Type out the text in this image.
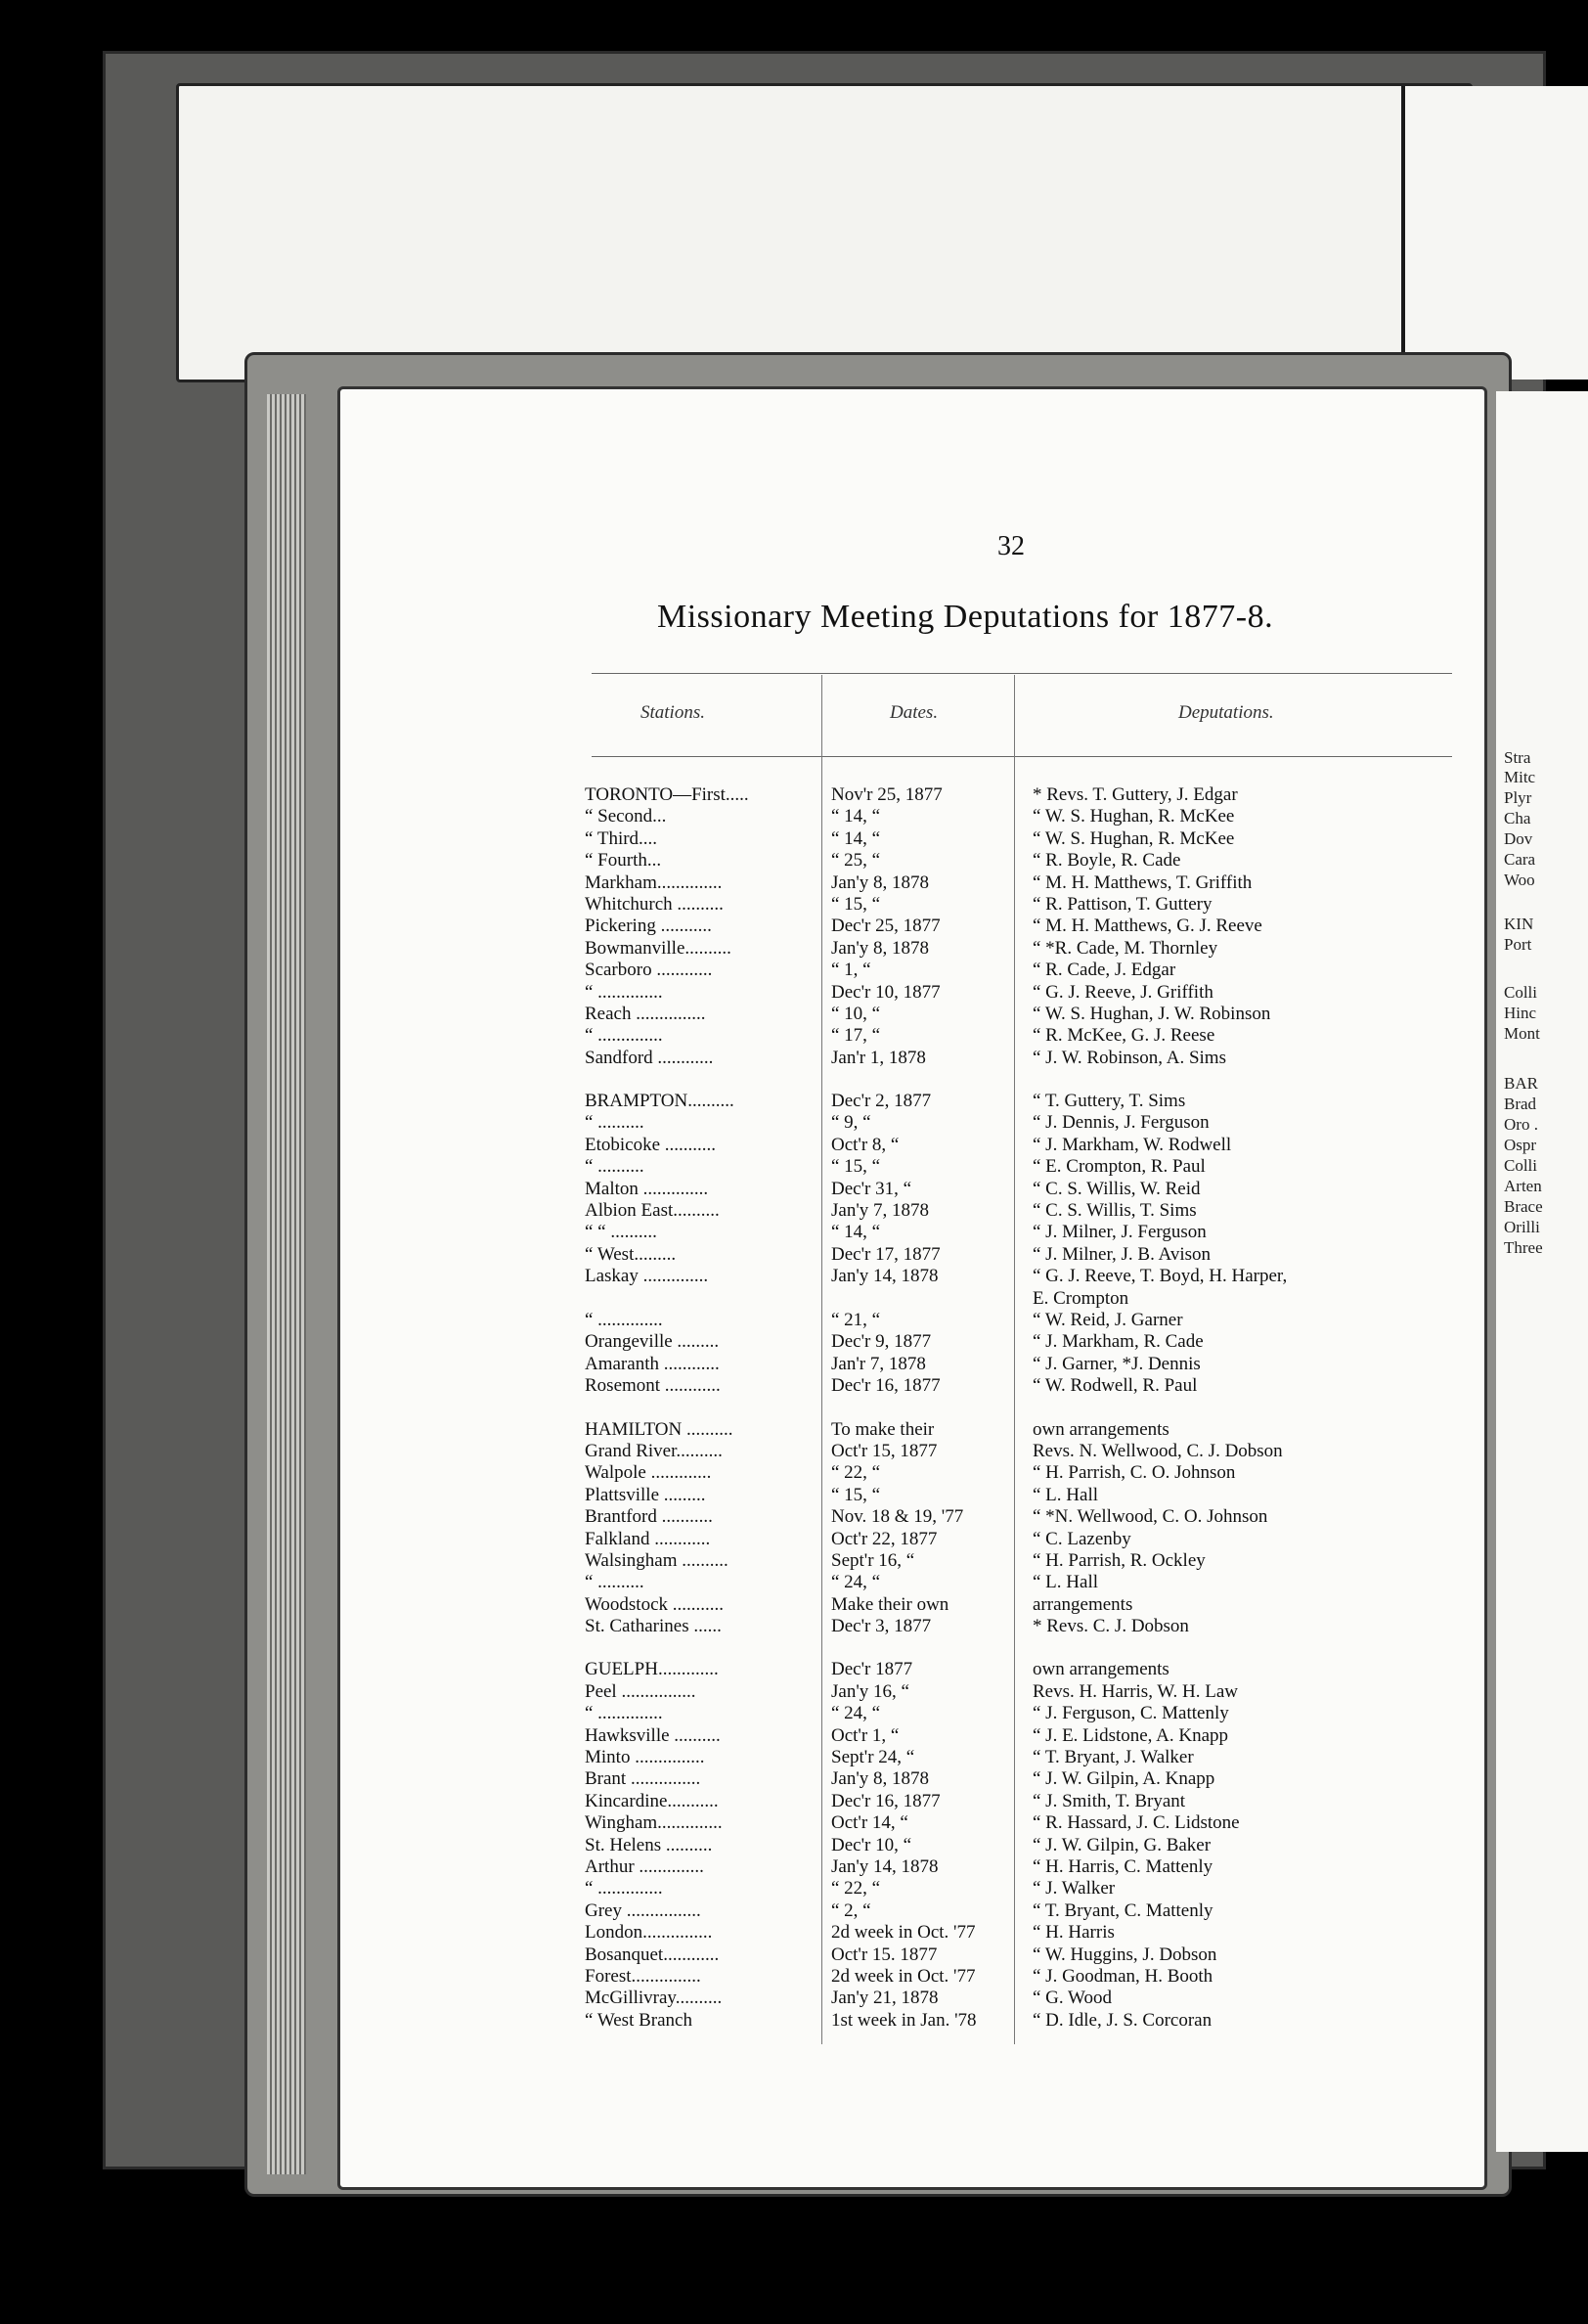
Stra
Mitc
Plyr
Cha
Dov
Cara
Woo
KIN
Port
Colli
Hinc
Mont
BAR
Brad
Oro .
Ospr
Colli
Arten
Brace
Orilli
Three
32
Missionary Meeting Deputations for 1877-8.
Stations.	Dates.	Deputations.
TORONTO—First.....	Nov'r 25, 1877	* Revs. T. Guttery, J. Edgar
“ Second...	“ 14, “	“ W. S. Hughan, R. McKee
“ Third....	“ 14, “	“ W. S. Hughan, R. McKee
“ Fourth...	“ 25, “	“ R. Boyle, R. Cade
Markham..............	Jan'y 8, 1878	“ M. H. Matthews, T. Griffith
Whitchurch ..........	“ 15, “	“ R. Pattison, T. Guttery
Pickering ...........	Dec'r 25, 1877	“ M. H. Matthews, G. J. Reeve
Bowmanville..........	Jan'y 8, 1878	“ *R. Cade, M. Thornley
Scarboro ............	“ 1, “	“ R. Cade, J. Edgar
“ ..............	Dec'r 10, 1877	“ G. J. Reeve, J. Griffith
Reach ...............	“ 10, “	“ W. S. Hughan, J. W. Robinson
“ ..............	“ 17, “	“ R. McKee, G. J. Reese
Sandford ............	Jan'r 1, 1878	“ J. W. Robinson, A. Sims
BRAMPTON..........	Dec'r 2, 1877	“ T. Guttery, T. Sims
“ ..........	“ 9, “	“ J. Dennis, J. Ferguson
Etobicoke ...........	Oct'r 8, “	“ J. Markham, W. Rodwell
“ ..........	“ 15, “	“ E. Crompton, R. Paul
Malton ..............	Dec'r 31, “	“ C. S. Willis, W. Reid
Albion East..........	Jan'y 7, 1878	“ C. S. Willis, T. Sims
“ “ ..........	“ 14, “	“ J. Milner, J. Ferguson
“ West.........	Dec'r 17, 1877	“ J. Milner, J. B. Avison
Laskay ..............	Jan'y 14, 1878	“ G. J. Reeve, T. Boyd, H. Harper,
E. Crompton
“ ..............	“ 21, “	“ W. Reid, J. Garner
Orangeville .........	Dec'r 9, 1877	“ J. Markham, R. Cade
Amaranth ............	Jan'r 7, 1878	“ J. Garner, *J. Dennis
Rosemont ............	Dec'r 16, 1877	“ W. Rodwell, R. Paul
HAMILTON ..........	To make their	own arrangements
Grand River..........	Oct'r 15, 1877	Revs. N. Wellwood, C. J. Dobson
Walpole .............	“ 22, “	“ H. Parrish, C. O. Johnson
Plattsville .........	“ 15, “	“ L. Hall
Brantford ...........	Nov. 18 & 19, '77	“ *N. Wellwood, C. O. Johnson
Falkland ............	Oct'r 22, 1877	“ C. Lazenby
Walsingham ..........	Sept'r 16, “	“ H. Parrish, R. Ockley
“ ..........	“ 24, “	“ L. Hall
Woodstock ...........	Make their own	arrangements
St. Catharines ......	Dec'r 3, 1877	* Revs. C. J. Dobson
GUELPH.............	Dec'r 1877	own arrangements
Peel ................	Jan'y 16, “	Revs. H. Harris, W. H. Law
“ ..............	“ 24, “	“ J. Ferguson, C. Mattenly
Hawksville ..........	Oct'r 1, “	“ J. E. Lidstone, A. Knapp
Minto ...............	Sept'r 24, “	“ T. Bryant, J. Walker
Brant ...............	Jan'y 8, 1878	“ J. W. Gilpin, A. Knapp
Kincardine...........	Dec'r 16, 1877	“ J. Smith, T. Bryant
Wingham..............	Oct'r 14, “	“ R. Hassard, J. C. Lidstone
St. Helens ..........	Dec'r 10, “	“ J. W. Gilpin, G. Baker
Arthur ..............	Jan'y 14, 1878	“ H. Harris, C. Mattenly
“ ..............	“ 22, “	“ J. Walker
Grey ................	“ 2, “	“ T. Bryant, C. Mattenly
London...............	2d week in Oct. '77	“ H. Harris
Bosanquet............	Oct'r 15. 1877	“ W. Huggins, J. Dobson
Forest...............	2d week in Oct. '77	“ J. Goodman, H. Booth
McGillivray..........	Jan'y 21, 1878	“ G. Wood
“ West Branch	1st week in Jan. '78	“ D. Idle, J. S. Corcoran
